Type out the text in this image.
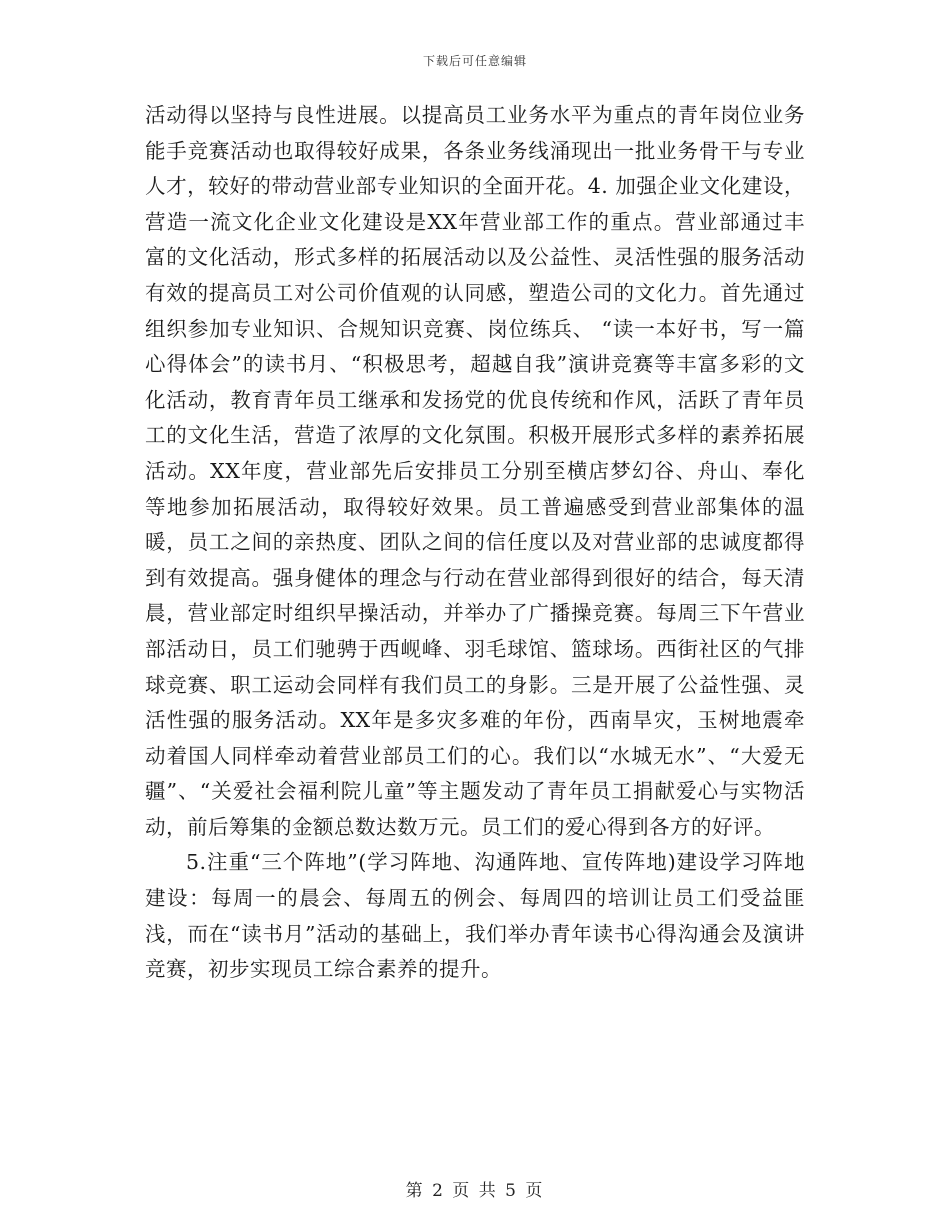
下载后可任意编辑

活动得以坚持与良性进展。以提高员工业务水平为重点的青年岗位业务能手竞赛活动也取得较好成果，各条业务线涌现出一批业务骨干与专业人才，较好的带动营业部专业知识的全面开花。4. 加强企业文化建设，营造一流文化企业文化建设是XX年营业部工作的重点。营业部通过丰富的文化活动，形式多样的拓展活动以及公益性、灵活性强的服务活动有效的提高员工对公司价值观的认同感，塑造公司的文化力。首先通过组织参加专业知识、合规知识竞赛、岗位练兵、 “读一本好书，写一篇心得体会”的读书月、“积极思考，超越自我”演讲竞赛等丰富多彩的文化活动，教育青年员工继承和发扬党的优良传统和作风，活跃了青年员工的文化生活，营造了浓厚的文化氛围。积极开展形式多样的素养拓展活动。XX年度，营业部先后安排员工分别至横店梦幻谷、舟山、奉化等地参加拓展活动，取得较好效果。员工普遍感受到营业部集体的温暖，员工之间的亲热度、团队之间的信任度以及对营业部的忠诚度都得到有效提高。强身健体的理念与行动在营业部得到很好的结合，每天清晨，营业部定时组织早操活动，并举办了广播操竞赛。每周三下午营业部活动日，员工们驰骋于西岘峰、羽毛球馆、篮球场。西街社区的气排球竞赛、职工运动会同样有我们员工的身影。三是开展了公益性强、灵活性强的服务活动。XX年是多灾多难的年份，西南旱灾，玉树地震牵动着国人同样牵动着营业部员工们的心。我们以“水城无水”、“大爱无疆”、“关爱社会福利院儿童”等主题发动了青年员工捐献爱心与实物活动，前后筹集的金额总数达数万元。员工们的爱心得到各方的好评。

5.注重“三个阵地”(学习阵地、沟通阵地、宣传阵地)建设学习阵地建设：每周一的晨会、每周五的例会、每周四的培训让员工们受益匪浅，而在“读书月”活动的基础上，我们举办青年读书心得沟通会及演讲竞赛，初步实现员工综合素养的提升。

第 2 页 共 5 页
